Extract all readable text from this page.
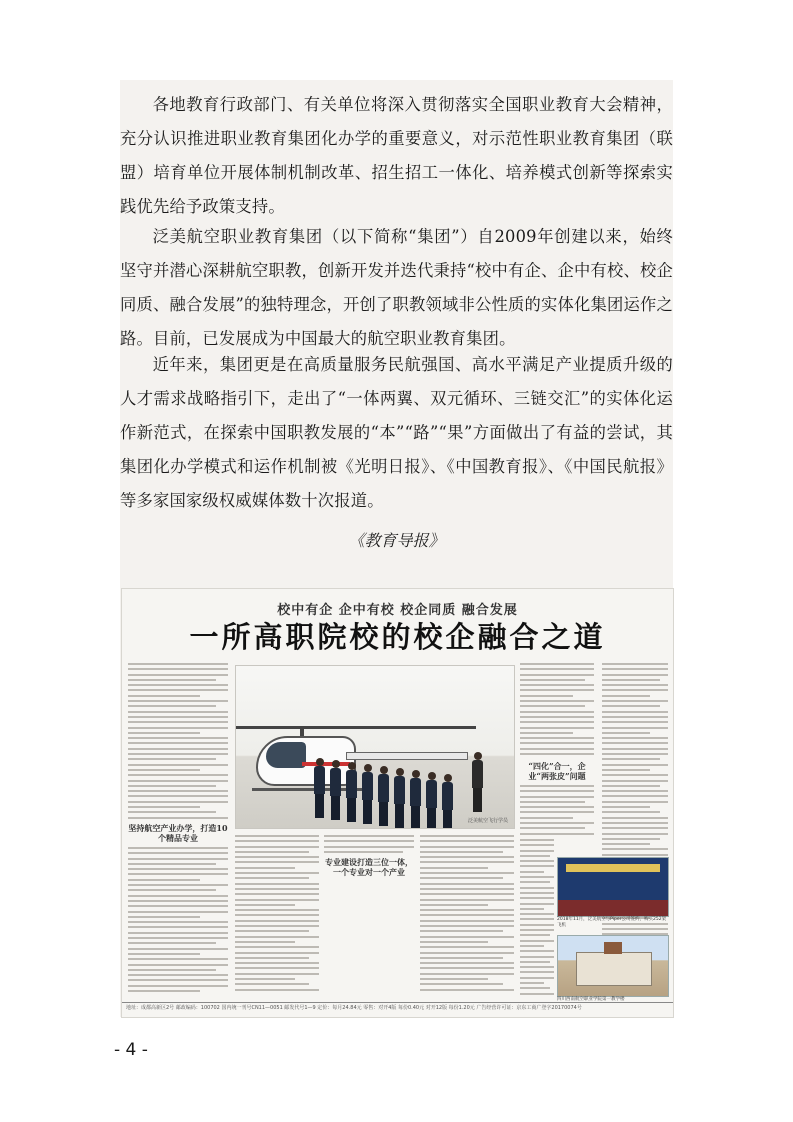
各地教育行政部门、有关单位将深入贯彻落实全国职业教育大会精神，充分认识推进职业教育集团化办学的重要意义，对示范性职业教育集团（联盟）培育单位开展体制机制改革、招生招工一体化、培养模式创新等探索实践优先给予政策支持。

泛美航空职业教育集团（以下简称“集团”）自2009年创建以来，始终坚守并潜心深耕航空职教，创新开发并迭代秉持“校中有企、企中有校、校企同质、融合发展”的独特理念，开创了职教领域非公性质的实体化集团运作之路。目前，已发展成为中国最大的航空职业教育集团。

近年来，集团更是在高质量服务民航强国、高水平满足产业提质升级的人才需求战略指引下，走出了“一体两翼、双元循环、三链交汇”的实体化运作新范式，在探索中国职教发展的“本”“路”“果”方面做出了有益的尝试，其集团化办学模式和运作机制被《光明日报》、《中国教育报》、《中国民航报》等多家国家级权威媒体数十次报道。

《教育导报》
校中有企 企中有校 校企同质 融合发展
一所高职院校的校企融合之道
坚持航空产业办学，打造10个精品专业
“四化”合一，企业“两张皮”问题
专业建设打造三位一体，一个专业对一个产业
泛美航空飞行学员
2018年11月，泛美航空与Piper公司签约，购买252架飞机
四川西南航空职业学院第一教学楼
地址：成都高新区2号 邮政编码：100702 国内统一刊号CN11—0051 邮发代号1—9 定价：每月24.84元 零售：对开4版 每份0.40元 对开12版 每份1.20元 广告经营许可证：京东工商广登字20170074号
- 4 -
